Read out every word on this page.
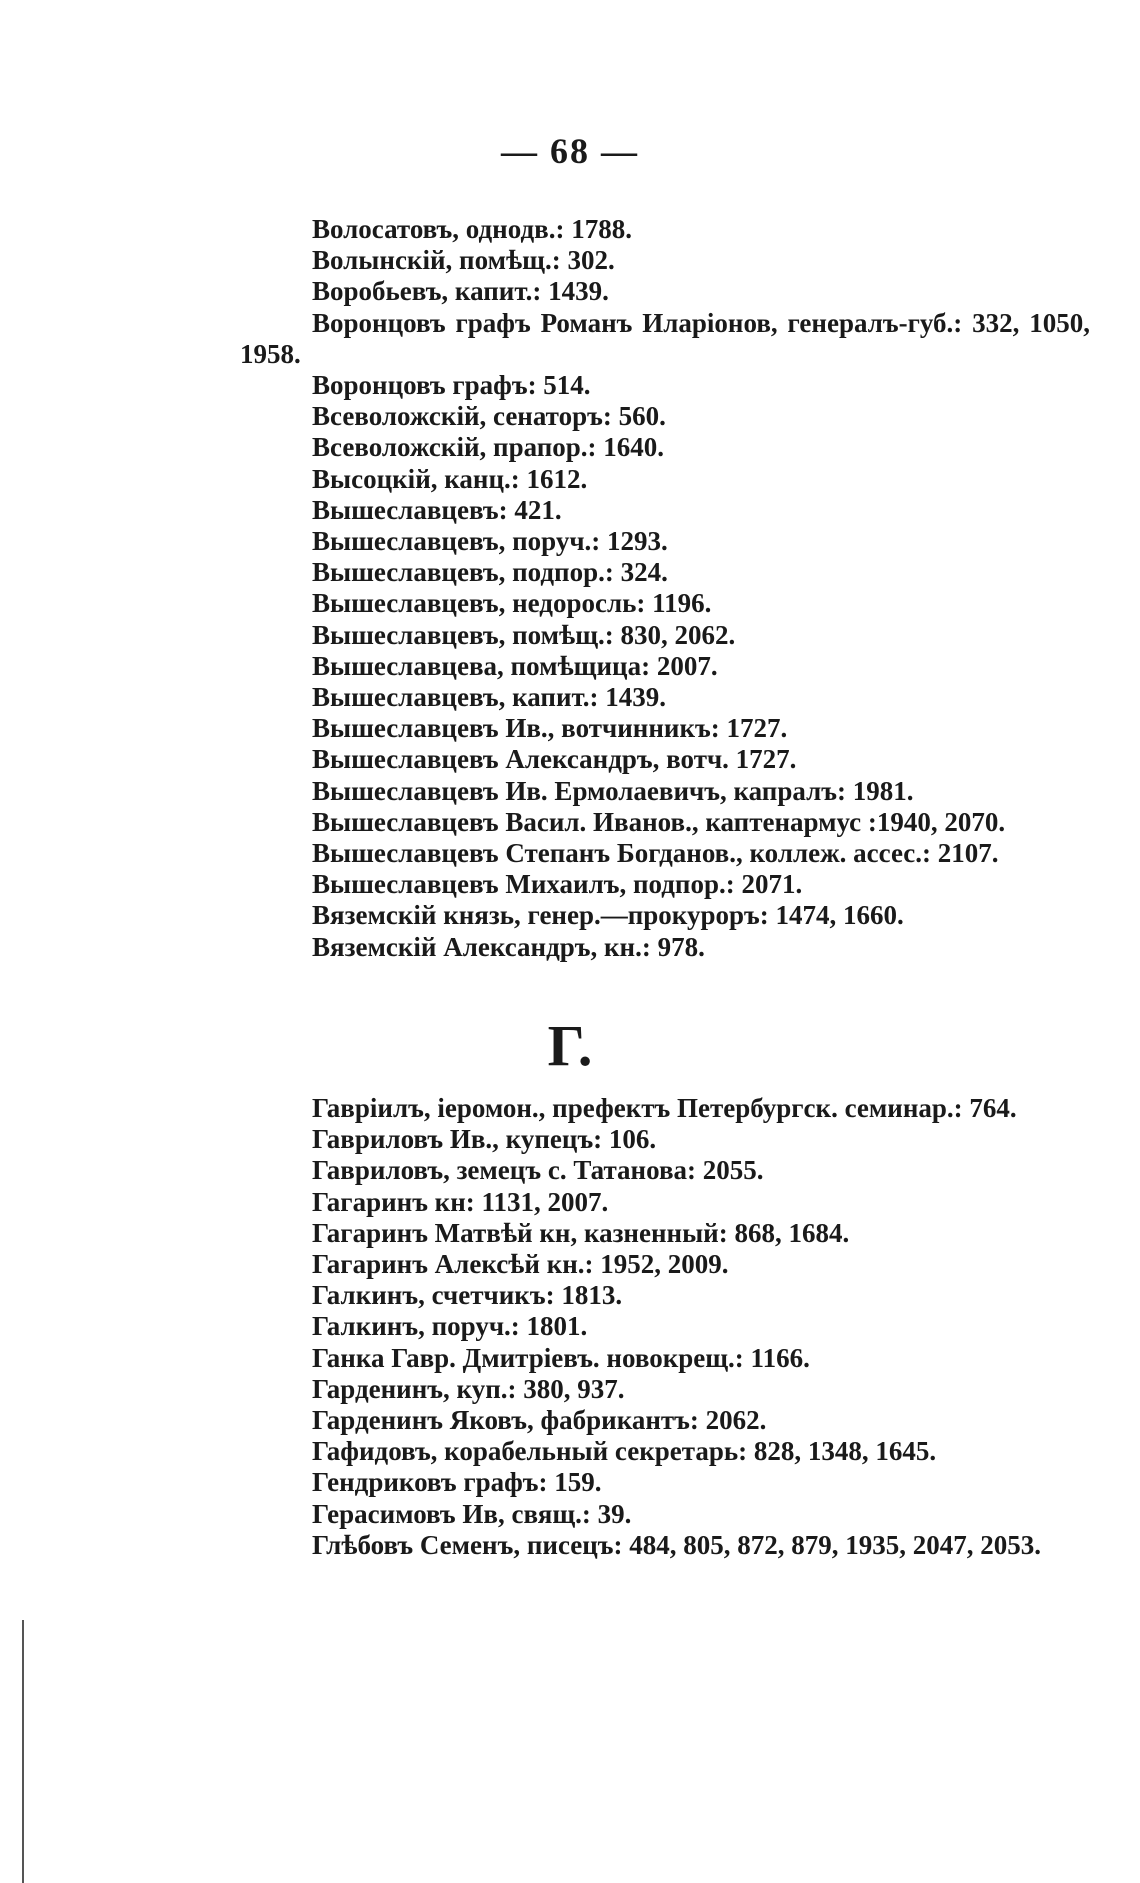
— 68 —
Волосатовъ, однодв.: 1788.
Волынскій, помѣщ.: 302.
Воробьевъ, капит.: 1439.
Воронцовъ графъ Романъ Иларіонов, генералъ-губ.: 332, 1050, 1958.
Воронцовъ графъ: 514.
Всеволожскій, сенаторъ: 560.
Всеволожскій, прапор.: 1640.
Высоцкій, канц.: 1612.
Вышеславцевъ: 421.
Вышеславцевъ, поруч.: 1293.
Вышеславцевъ, подпор.: 324.
Вышеславцевъ, недоросль: 1196.
Вышеславцевъ, помѣщ.: 830, 2062.
Вышеславцева, помѣщица: 2007.
Вышеславцевъ, капит.: 1439.
Вышеславцевъ Ив., вотчинникъ: 1727.
Вышеславцевъ Александръ, вотч. 1727.
Вышеславцевъ Ив. Ермолаевичъ, капралъ: 1981.
Вышеславцевъ Васил. Иванов., каптенармус :1940, 2070.
Вышеславцевъ Степанъ Богданов., коллеж. ассес.: 2107.
Вышеславцевъ Михаилъ, подпор.: 2071.
Вяземскій князь, генер.—прокуроръ: 1474, 1660.
Вяземскій Александръ, кн.: 978.
Г.
Гавріилъ, іеромон., префектъ Петербургск. семинар.: 764.
Гавриловъ Ив., купецъ: 106.
Гавриловъ, земецъ с. Татанова: 2055.
Гагаринъ кн: 1131, 2007.
Гагаринъ Матвѣй кн, казненный: 868, 1684.
Гагаринъ Алексѣй кн.: 1952, 2009.
Галкинъ, счетчикъ: 1813.
Галкинъ, поруч.: 1801.
Ганка Гавр. Дмитріевъ. новокрещ.: 1166.
Гарденинъ, куп.: 380, 937.
Гарденинъ Яковъ, фабрикантъ: 2062.
Гафидовъ, корабельный секретарь: 828, 1348, 1645.
Гендриковъ графъ: 159.
Герасимовъ Ив, свящ.: 39.
Глѣбовъ Семенъ, писецъ: 484, 805, 872, 879, 1935, 2047, 2053.
